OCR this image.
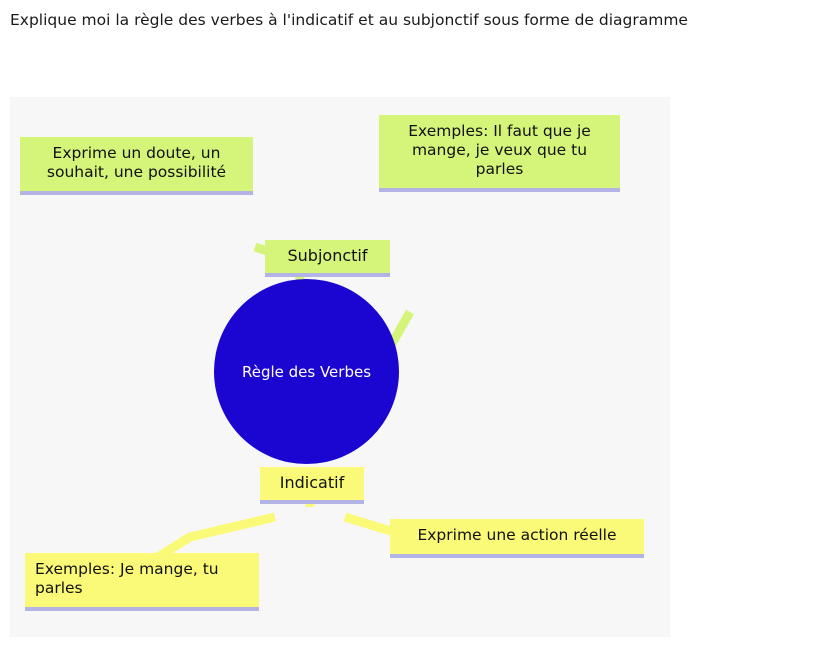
Explique moi la règle des verbes à l'indicatif et au subjonctif sous forme de diagramme
Exprime un doute, un souhait, une possibilité
Exemples: Il faut que je mange, je veux que tu parles
Subjonctif
Règle des Verbes
Indicatif
Exprime une action réelle
Exemples: Je mange, tu parles
